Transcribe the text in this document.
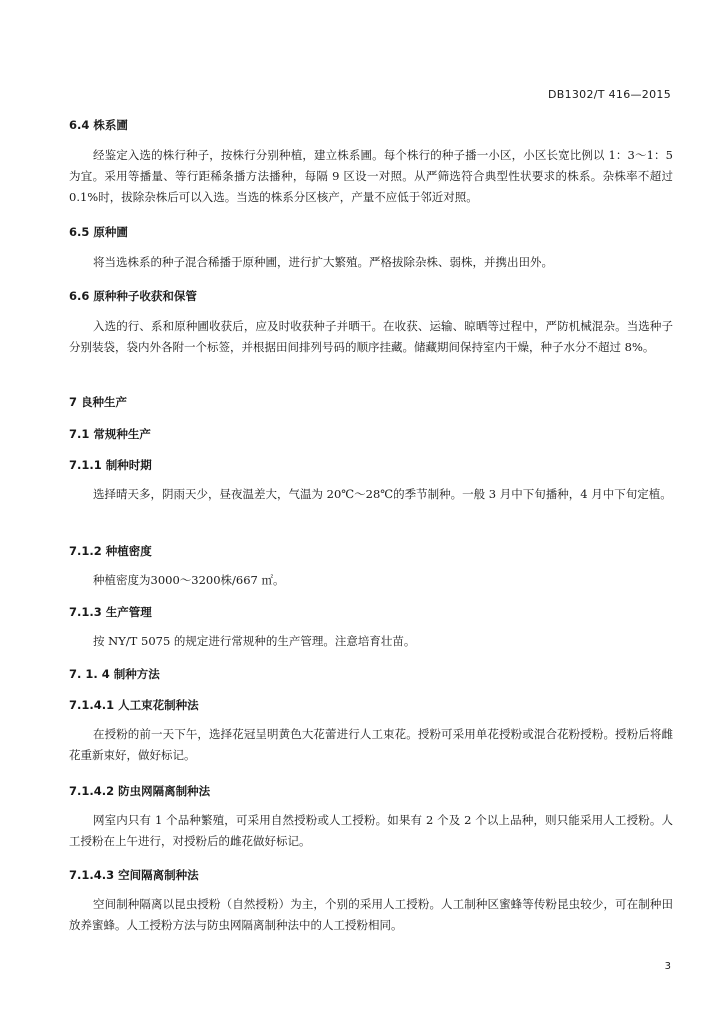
DB1302/T 416—2015
6.4 株系圃

经鉴定入选的株行种子，按株行分别种植，建立株系圃。每个株行的种子播一小区，小区长宽比例以 1：3～1：5 为宜。采用等播量、等行距稀条播方法播种，每隔 9 区设一对照。从严筛选符合典型性状要求的株系。杂株率不超过 0.1%时，拔除杂株后可以入选。当选的株系分区核产，产量不应低于邻近对照。

6.5 原种圃

将当选株系的种子混合稀播于原种圃，进行扩大繁殖。严格拔除杂株、弱株，并携出田外。

6.6 原种种子收获和保管

入选的行、系和原种圃收获后，应及时收获种子并晒干。在收获、运输、晾晒等过程中，严防机械混杂。当选种子分别装袋，袋内外各附一个标签，并根据田间排列号码的顺序挂藏。储藏期间保持室内干燥，种子水分不超过 8%。

7 良种生产
7.1 常规种生产
7.1.1 制种时期

选择晴天多，阴雨天少，昼夜温差大，气温为 20℃～28℃的季节制种。一般 3 月中下旬播种，4 月中下旬定植。

7.1.2 种植密度

种植密度为3000～3200株/667 ㎡。

7.1.3 生产管理

按 NY/T 5075 的规定进行常规种的生产管理。注意培育壮苗。

7. 1. 4 制种方法
7.1.4.1 人工束花制种法

在授粉的前一天下午，选择花冠呈明黄色大花蕾进行人工束花。授粉可采用单花授粉或混合花粉授粉。授粉后将雌花重新束好，做好标记。

7.1.4.2 防虫网隔离制种法

网室内只有 1 个品种繁殖，可采用自然授粉或人工授粉。如果有 2 个及 2 个以上品种，则只能采用人工授粉。人工授粉在上午进行，对授粉后的雌花做好标记。

7.1.4.3 空间隔离制种法

空间制种隔离以昆虫授粉（自然授粉）为主，个别的采用人工授粉。人工制种区蜜蜂等传粉昆虫较少，可在制种田放养蜜蜂。人工授粉方法与防虫网隔离制种法中的人工授粉相同。

3
